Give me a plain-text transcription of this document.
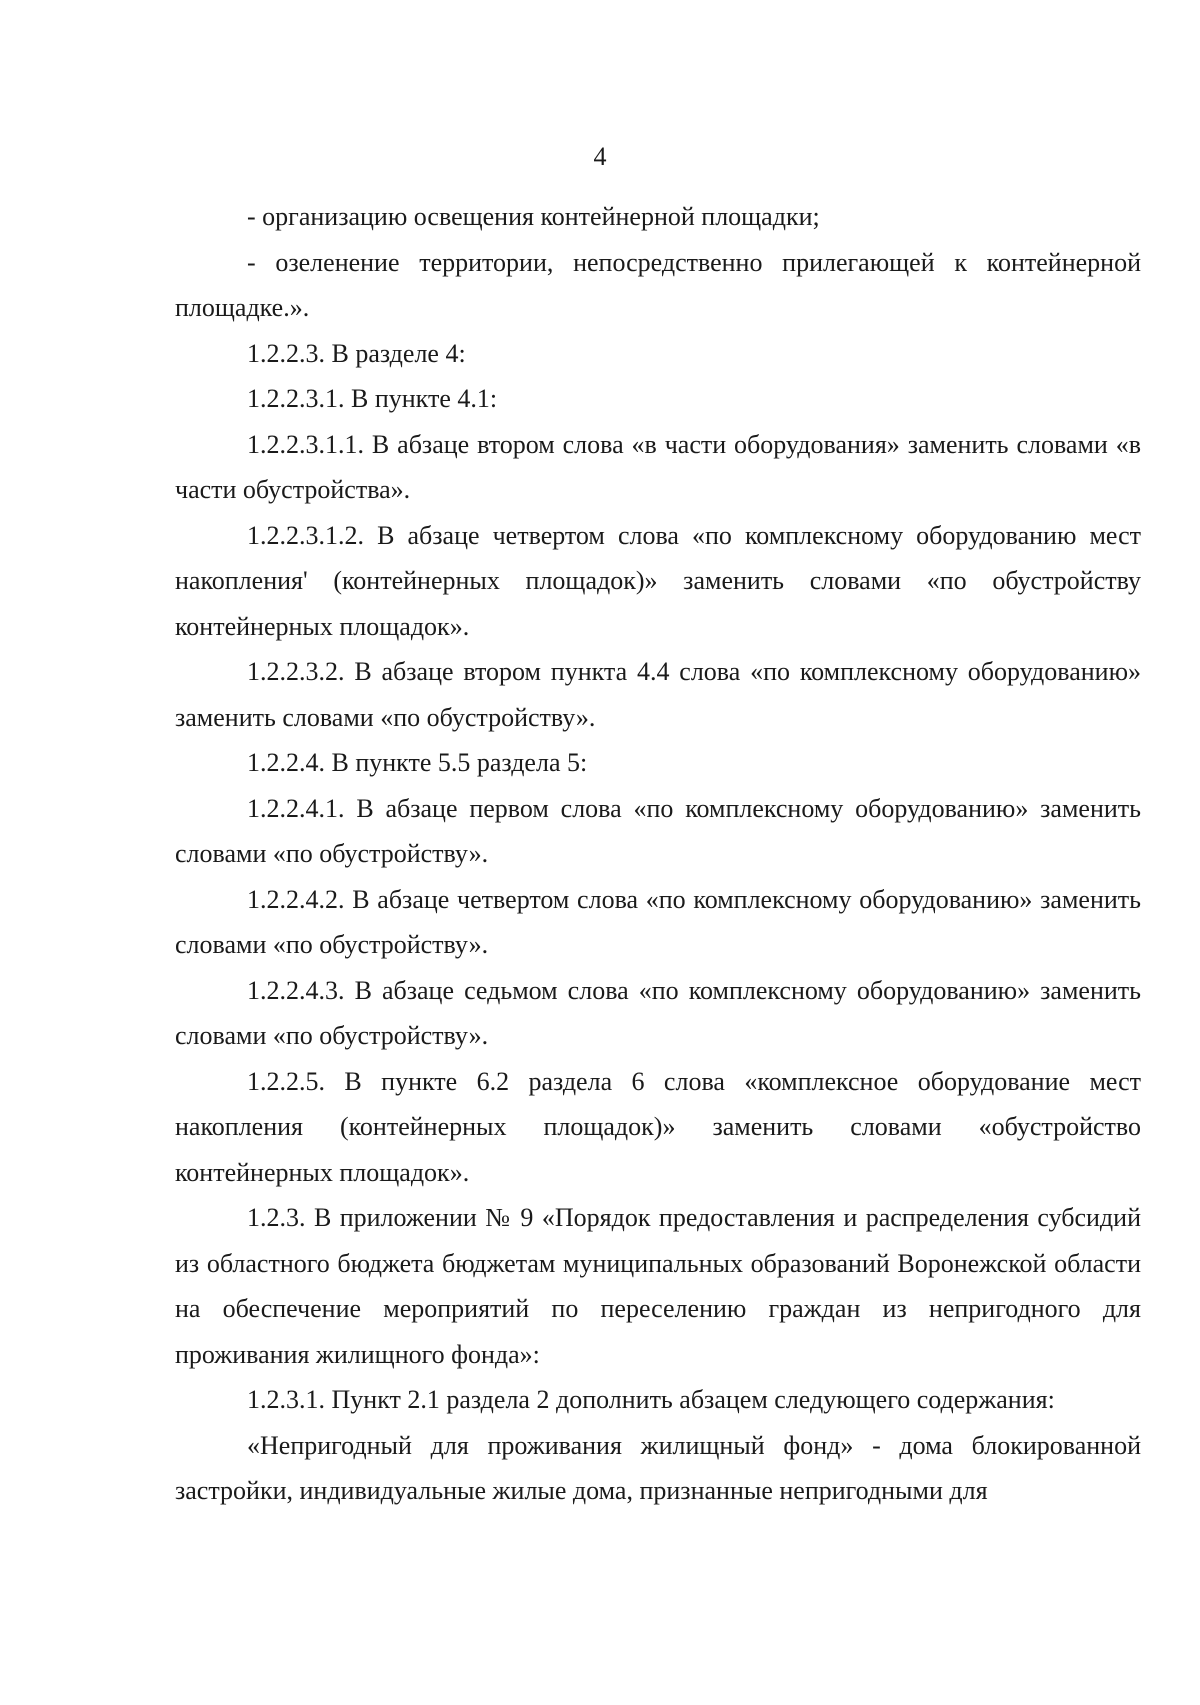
4

- организацию освещения контейнерной площадки;

- озеленение территории, непосредственно прилегающей к контейнерной площадке.».

1.2.2.3. В разделе 4:

1.2.2.3.1. В пункте 4.1:

1.2.2.3.1.1. В абзаце втором слова «в части оборудования» заменить словами «в части обустройства».

1.2.2.3.1.2. В абзаце четвертом слова «по комплексному оборудованию мест накопления' (контейнерных площадок)» заменить словами «по обустройству контейнерных площадок».

1.2.2.3.2. В абзаце втором пункта 4.4 слова «по комплексному оборудованию» заменить словами «по обустройству».

1.2.2.4. В пункте 5.5 раздела 5:

1.2.2.4.1. В абзаце первом слова «по комплексному оборудованию» заменить словами «по обустройству».

1.2.2.4.2. В абзаце четвертом слова «по комплексному оборудованию» заменить словами «по обустройству».

1.2.2.4.3. В абзаце седьмом слова «по комплексному оборудованию» заменить словами «по обустройству».

1.2.2.5. В пункте 6.2 раздела 6 слова «комплексное оборудование мест накопления (контейнерных площадок)» заменить словами «обустройство контейнерных площадок».

1.2.3. В приложении № 9 «Порядок предоставления и распределения субсидий из областного бюджета бюджетам муниципальных образований Воронежской области на обеспечение мероприятий по переселению граждан из непригодного для проживания жилищного фонда»:

1.2.3.1. Пункт 2.1 раздела 2 дополнить абзацем следующего содержания:

«Непригодный для проживания жилищный фонд» - дома блокированной застройки, индивидуальные жилые дома, признанные непригодными для
